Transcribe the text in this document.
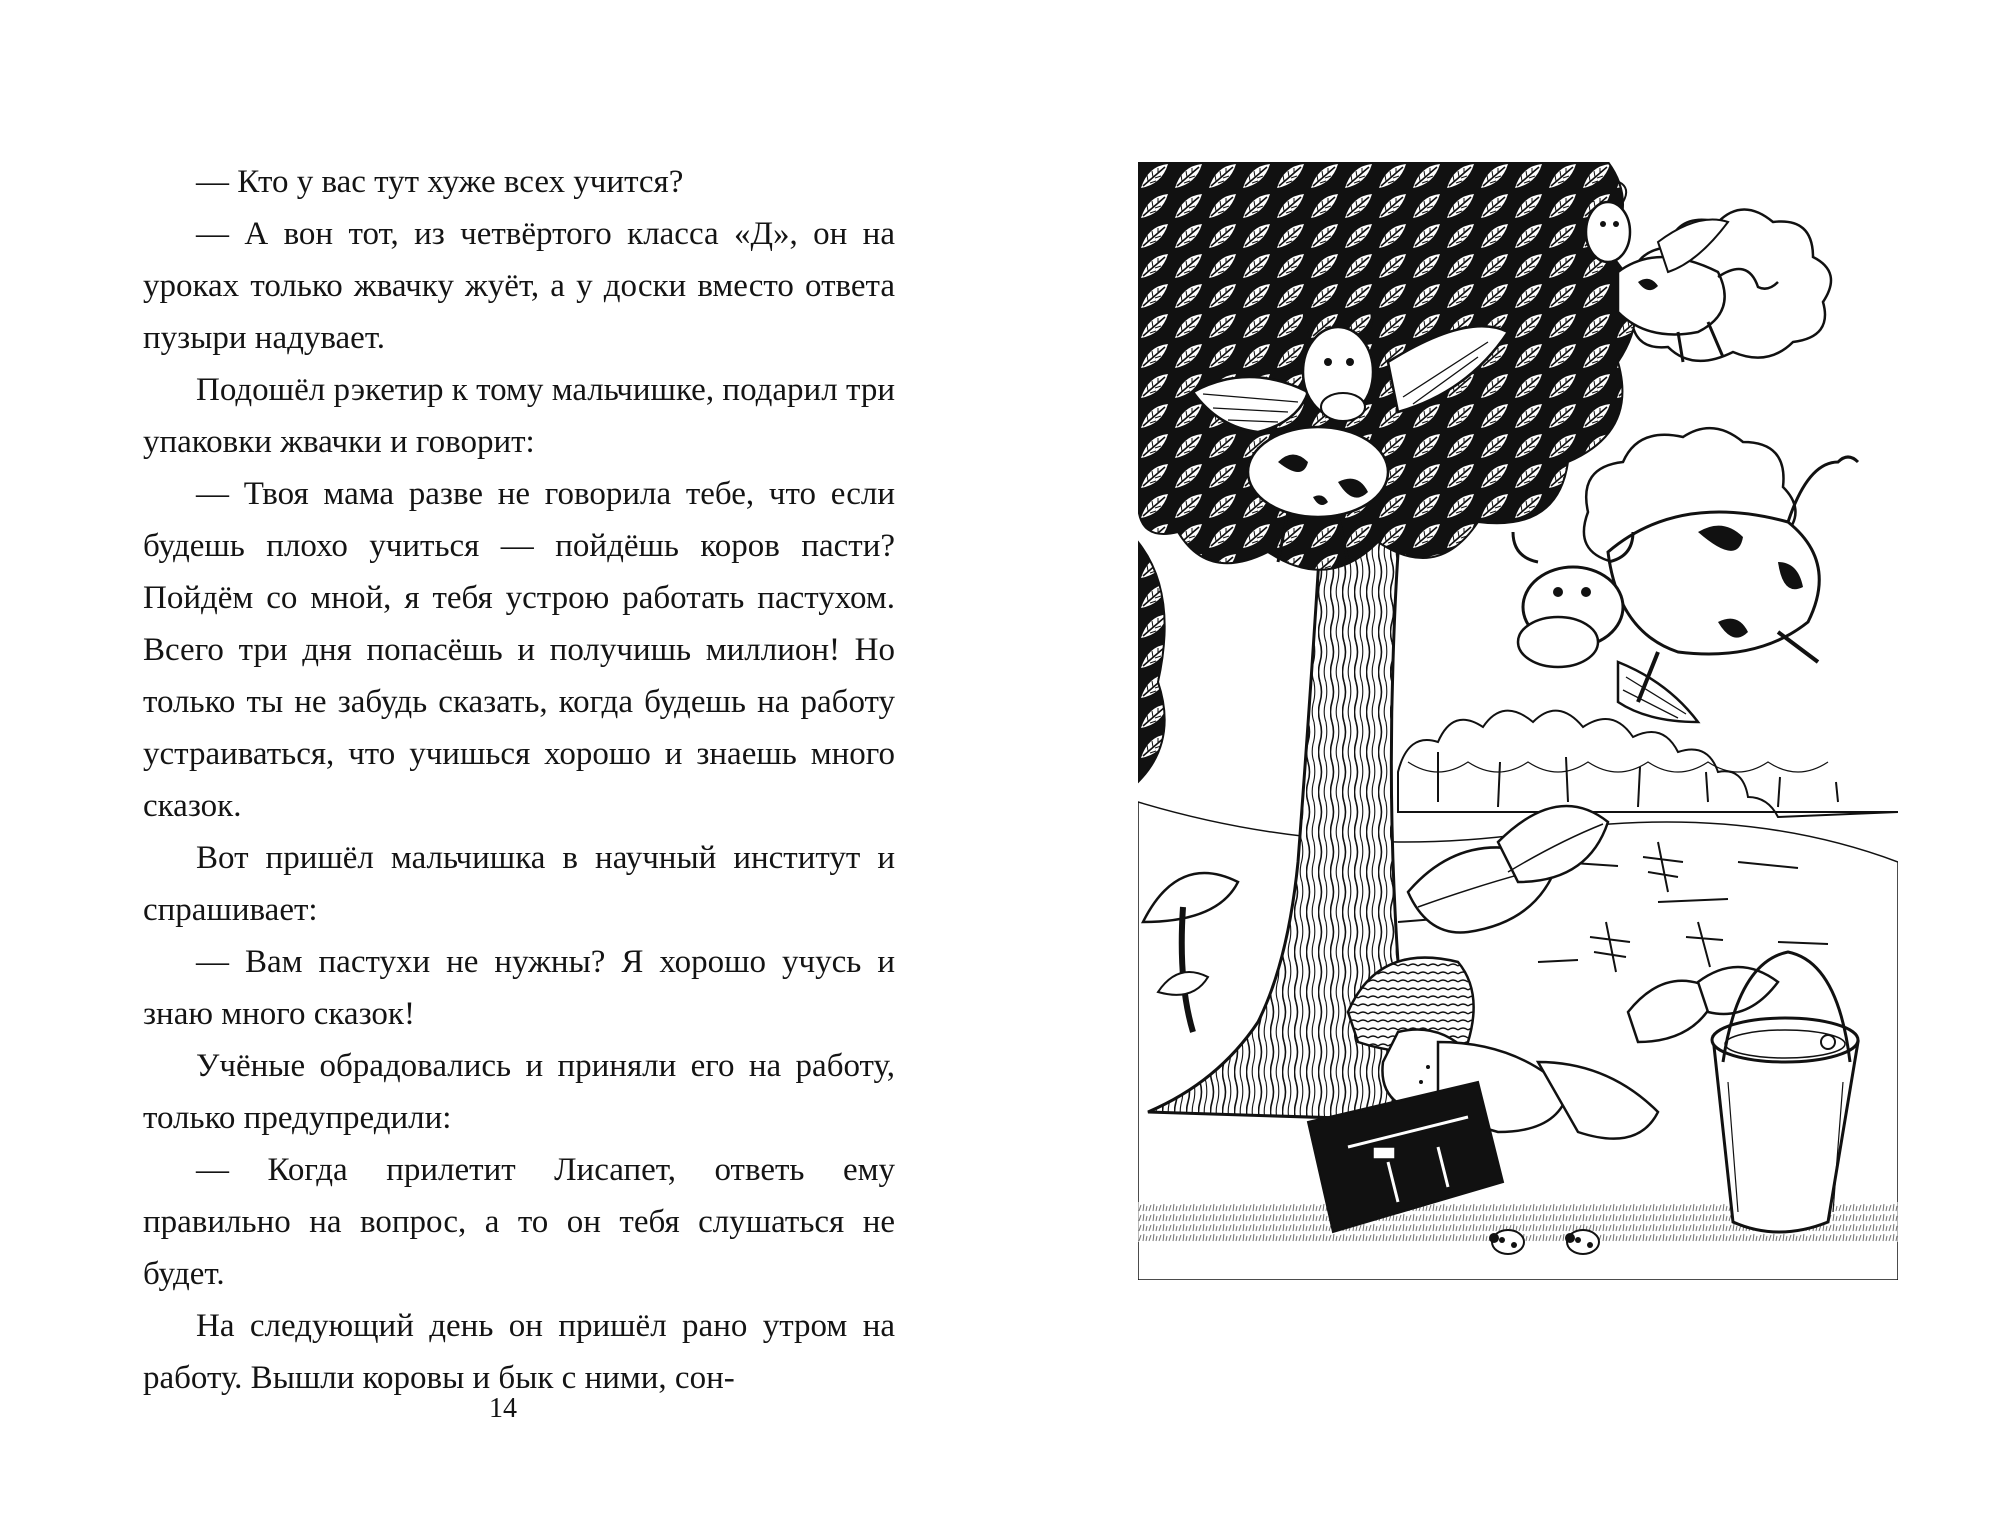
— Кто у вас тут хуже всех учится?

— А вон тот, из четвёртого класса «Д», он на уроках только жвачку жуёт, а у доски вместо ответа пузыри надувает.

Подошёл рэкетир к тому мальчишке, подарил три упаковки жвачки и говорит:

— Твоя мама разве не говорила тебе, что если будешь плохо учиться — пойдёшь коров пасти? Пойдём со мной, я тебя устрою работать пастухом. Всего три дня попасёшь и получишь миллион! Но только ты не забудь сказать, когда будешь на работу устраиваться, что учишься хорошо и знаешь много сказок.

Вот пришёл мальчишка в научный институт и спрашивает:

— Вам пастухи не нужны? Я хорошо учусь и знаю много сказок!

Учёные обрадовались и приняли его на работу, только предупредили:

— Когда прилетит Лисапет, ответь ему правильно на вопрос, а то он тебя слушаться не будет.

На следующий день он пришёл рано утром на работу. Вышли коровы и бык с ними, сон-

14
